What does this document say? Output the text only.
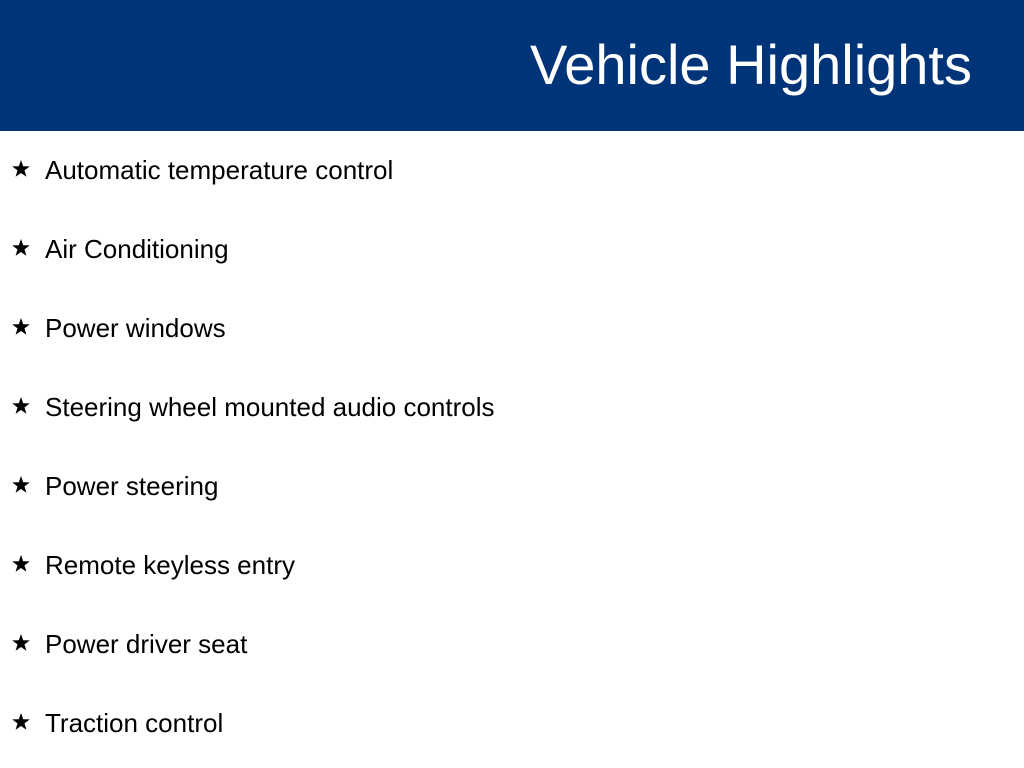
Vehicle Highlights
Automatic temperature control
Air Conditioning
Power windows
Steering wheel mounted audio controls
Power steering
Remote keyless entry
Power driver seat
Traction control
